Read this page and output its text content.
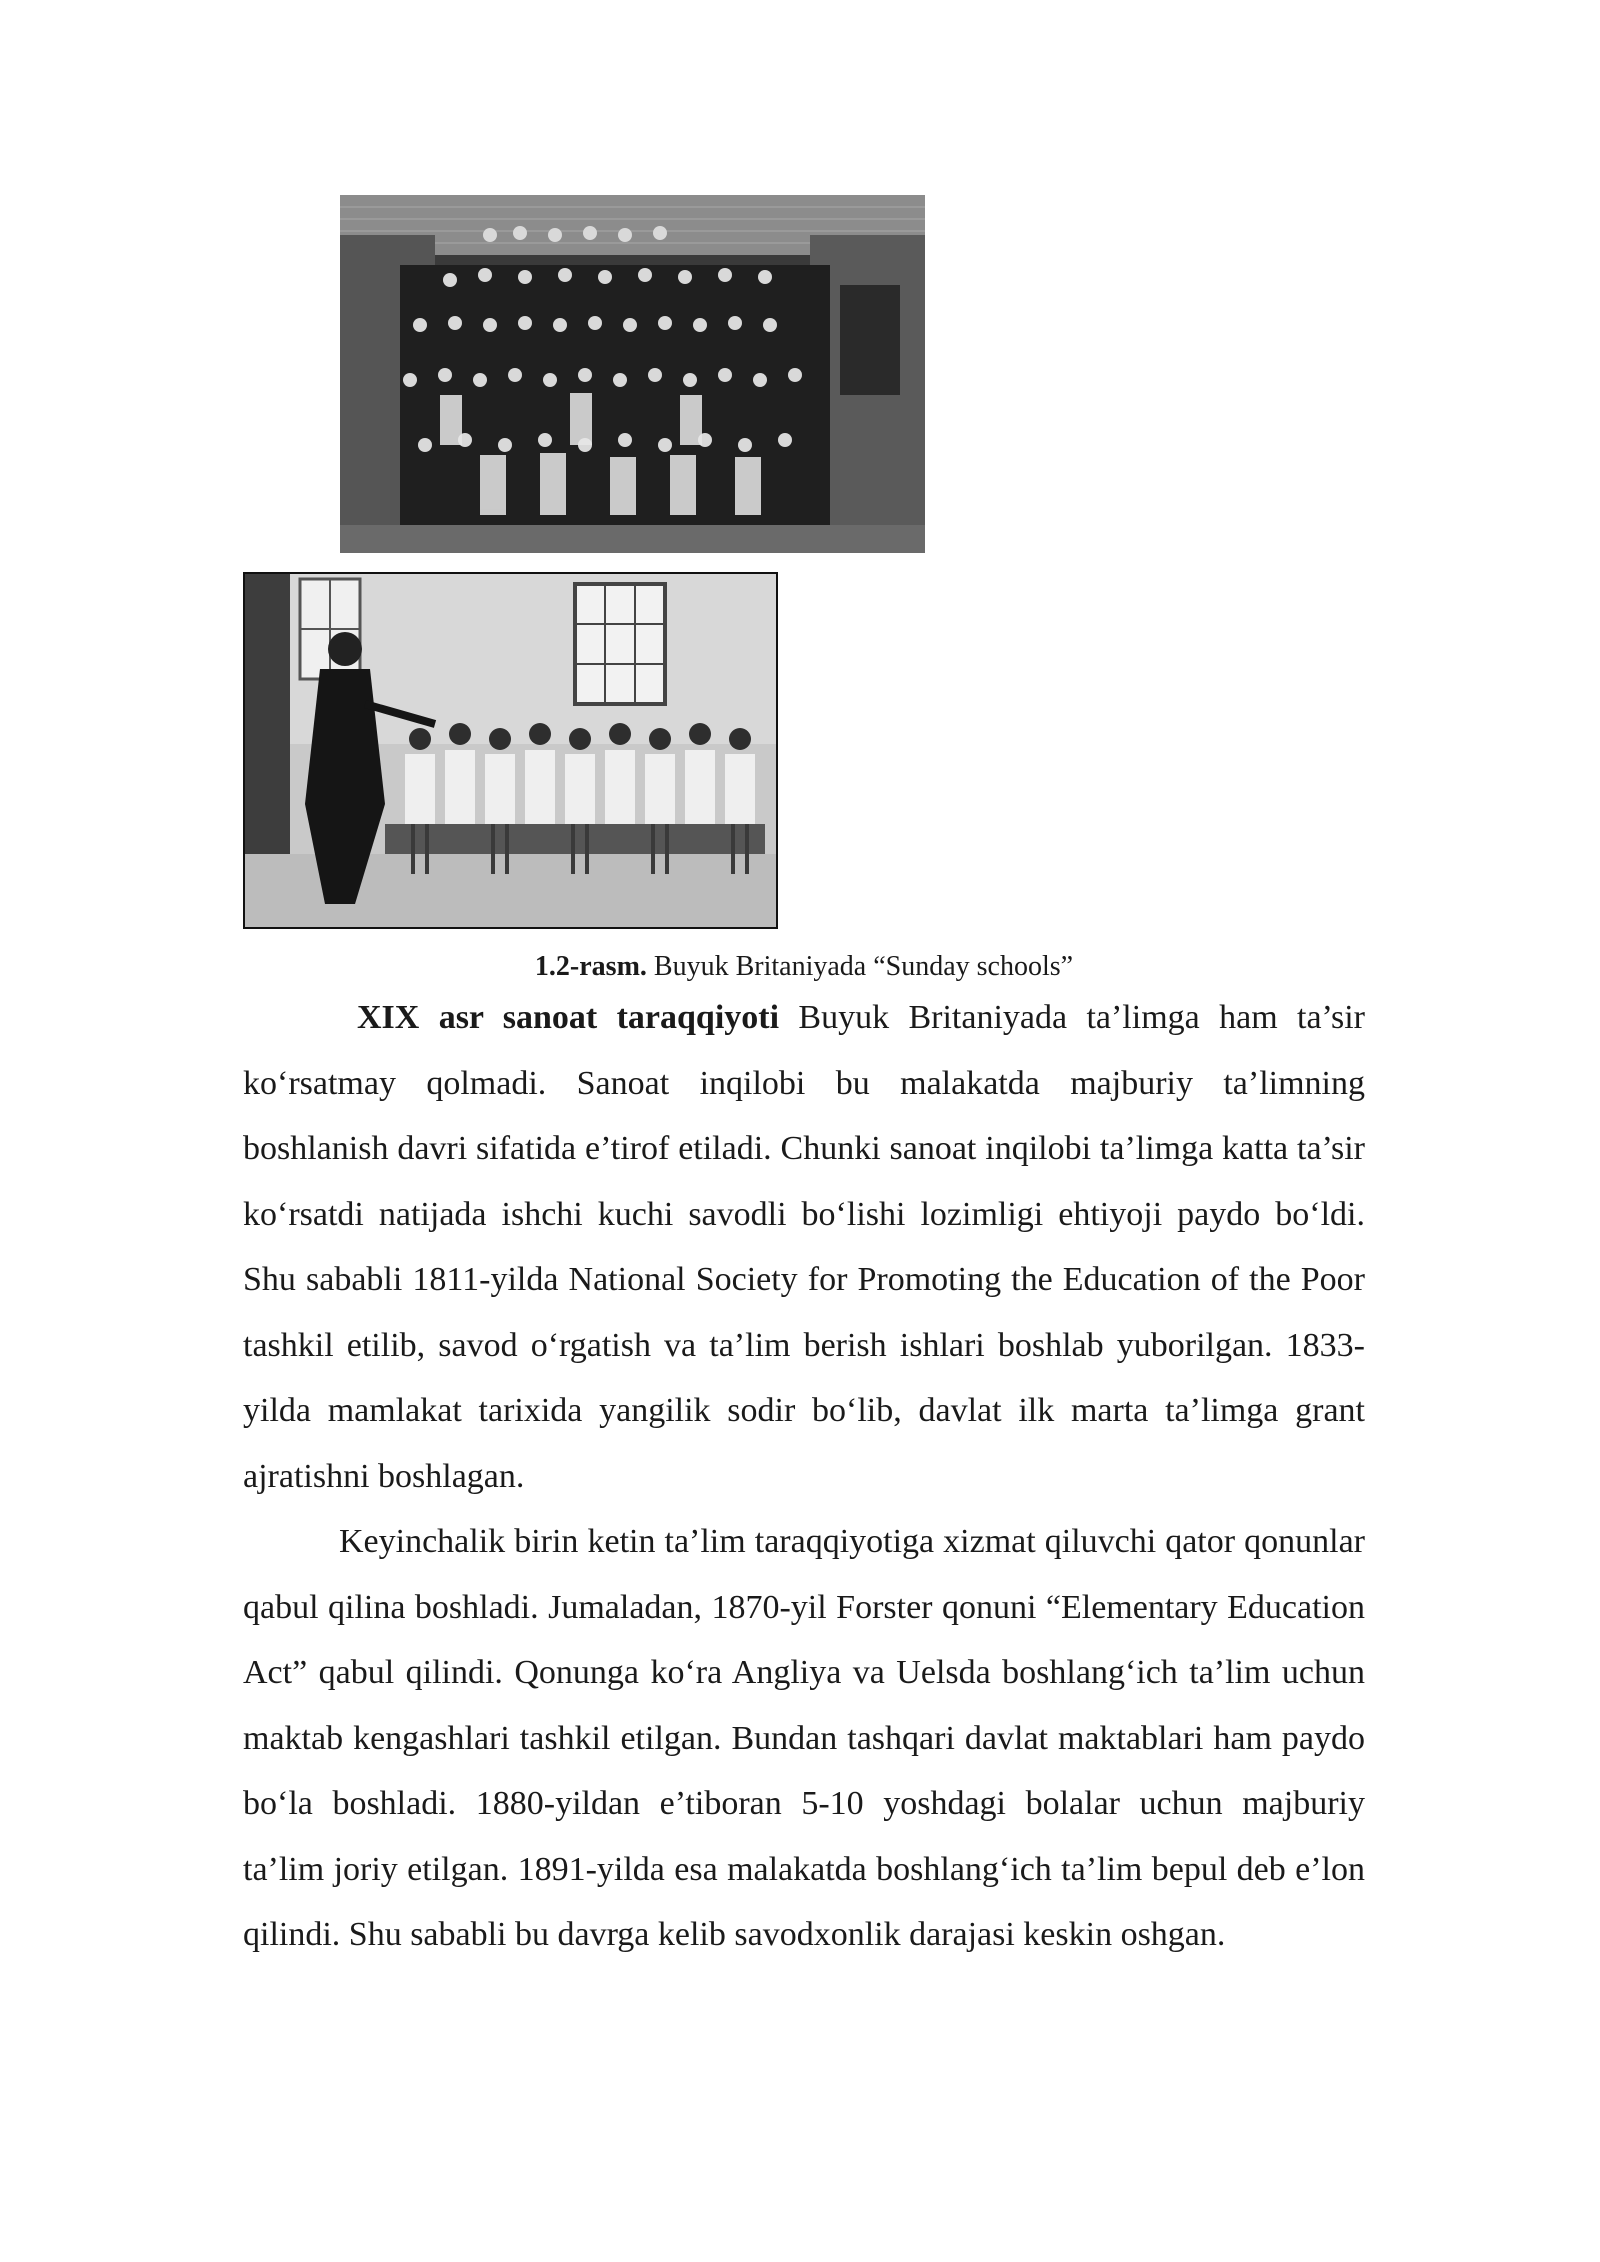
1.2-rasm. Buyuk Britaniyada “Sunday schools”

XIX asr sanoat taraqqiyoti Buyuk Britaniyada ta’limga ham ta’sir ko‘rsatmay qolmadi. Sanoat inqilobi bu malakatda majburiy ta’limning boshlanish davri sifatida e’tirof etiladi. Chunki sanoat inqilobi ta’limga katta ta’sir ko‘rsatdi natijada ishchi kuchi savodli bo‘lishi lozimligi ehtiyoji paydo bo‘ldi. Shu sababli 1811-yilda National Society for Promoting the Education of the Poor tashkil etilib, savod o‘rgatish va ta’lim berish ishlari boshlab yuborilgan. 1833-yilda mamlakat tarixida yangilik sodir bo‘lib, davlat ilk marta ta’limga grant ajratishni boshlagan.

Keyinchalik birin ketin ta’lim taraqqiyotiga xizmat qiluvchi qator qonunlar qabul qilina boshladi. Jumaladan, 1870-yil Forster qonuni “Elementary Education Act” qabul qilindi. Qonunga ko‘ra Angliya va Uelsda boshlang‘ich ta’lim uchun maktab kengashlari tashkil etilgan. Bundan tashqari davlat maktablari ham paydo bo‘la boshladi. 1880-yildan e’tiboran 5-10 yoshdagi bolalar uchun majburiy ta’lim joriy etilgan. 1891-yilda esa malakatda boshlang‘ich ta’lim bepul deb e’lon qilindi. Shu sababli bu davrga kelib savodxonlik darajasi keskin oshgan.
